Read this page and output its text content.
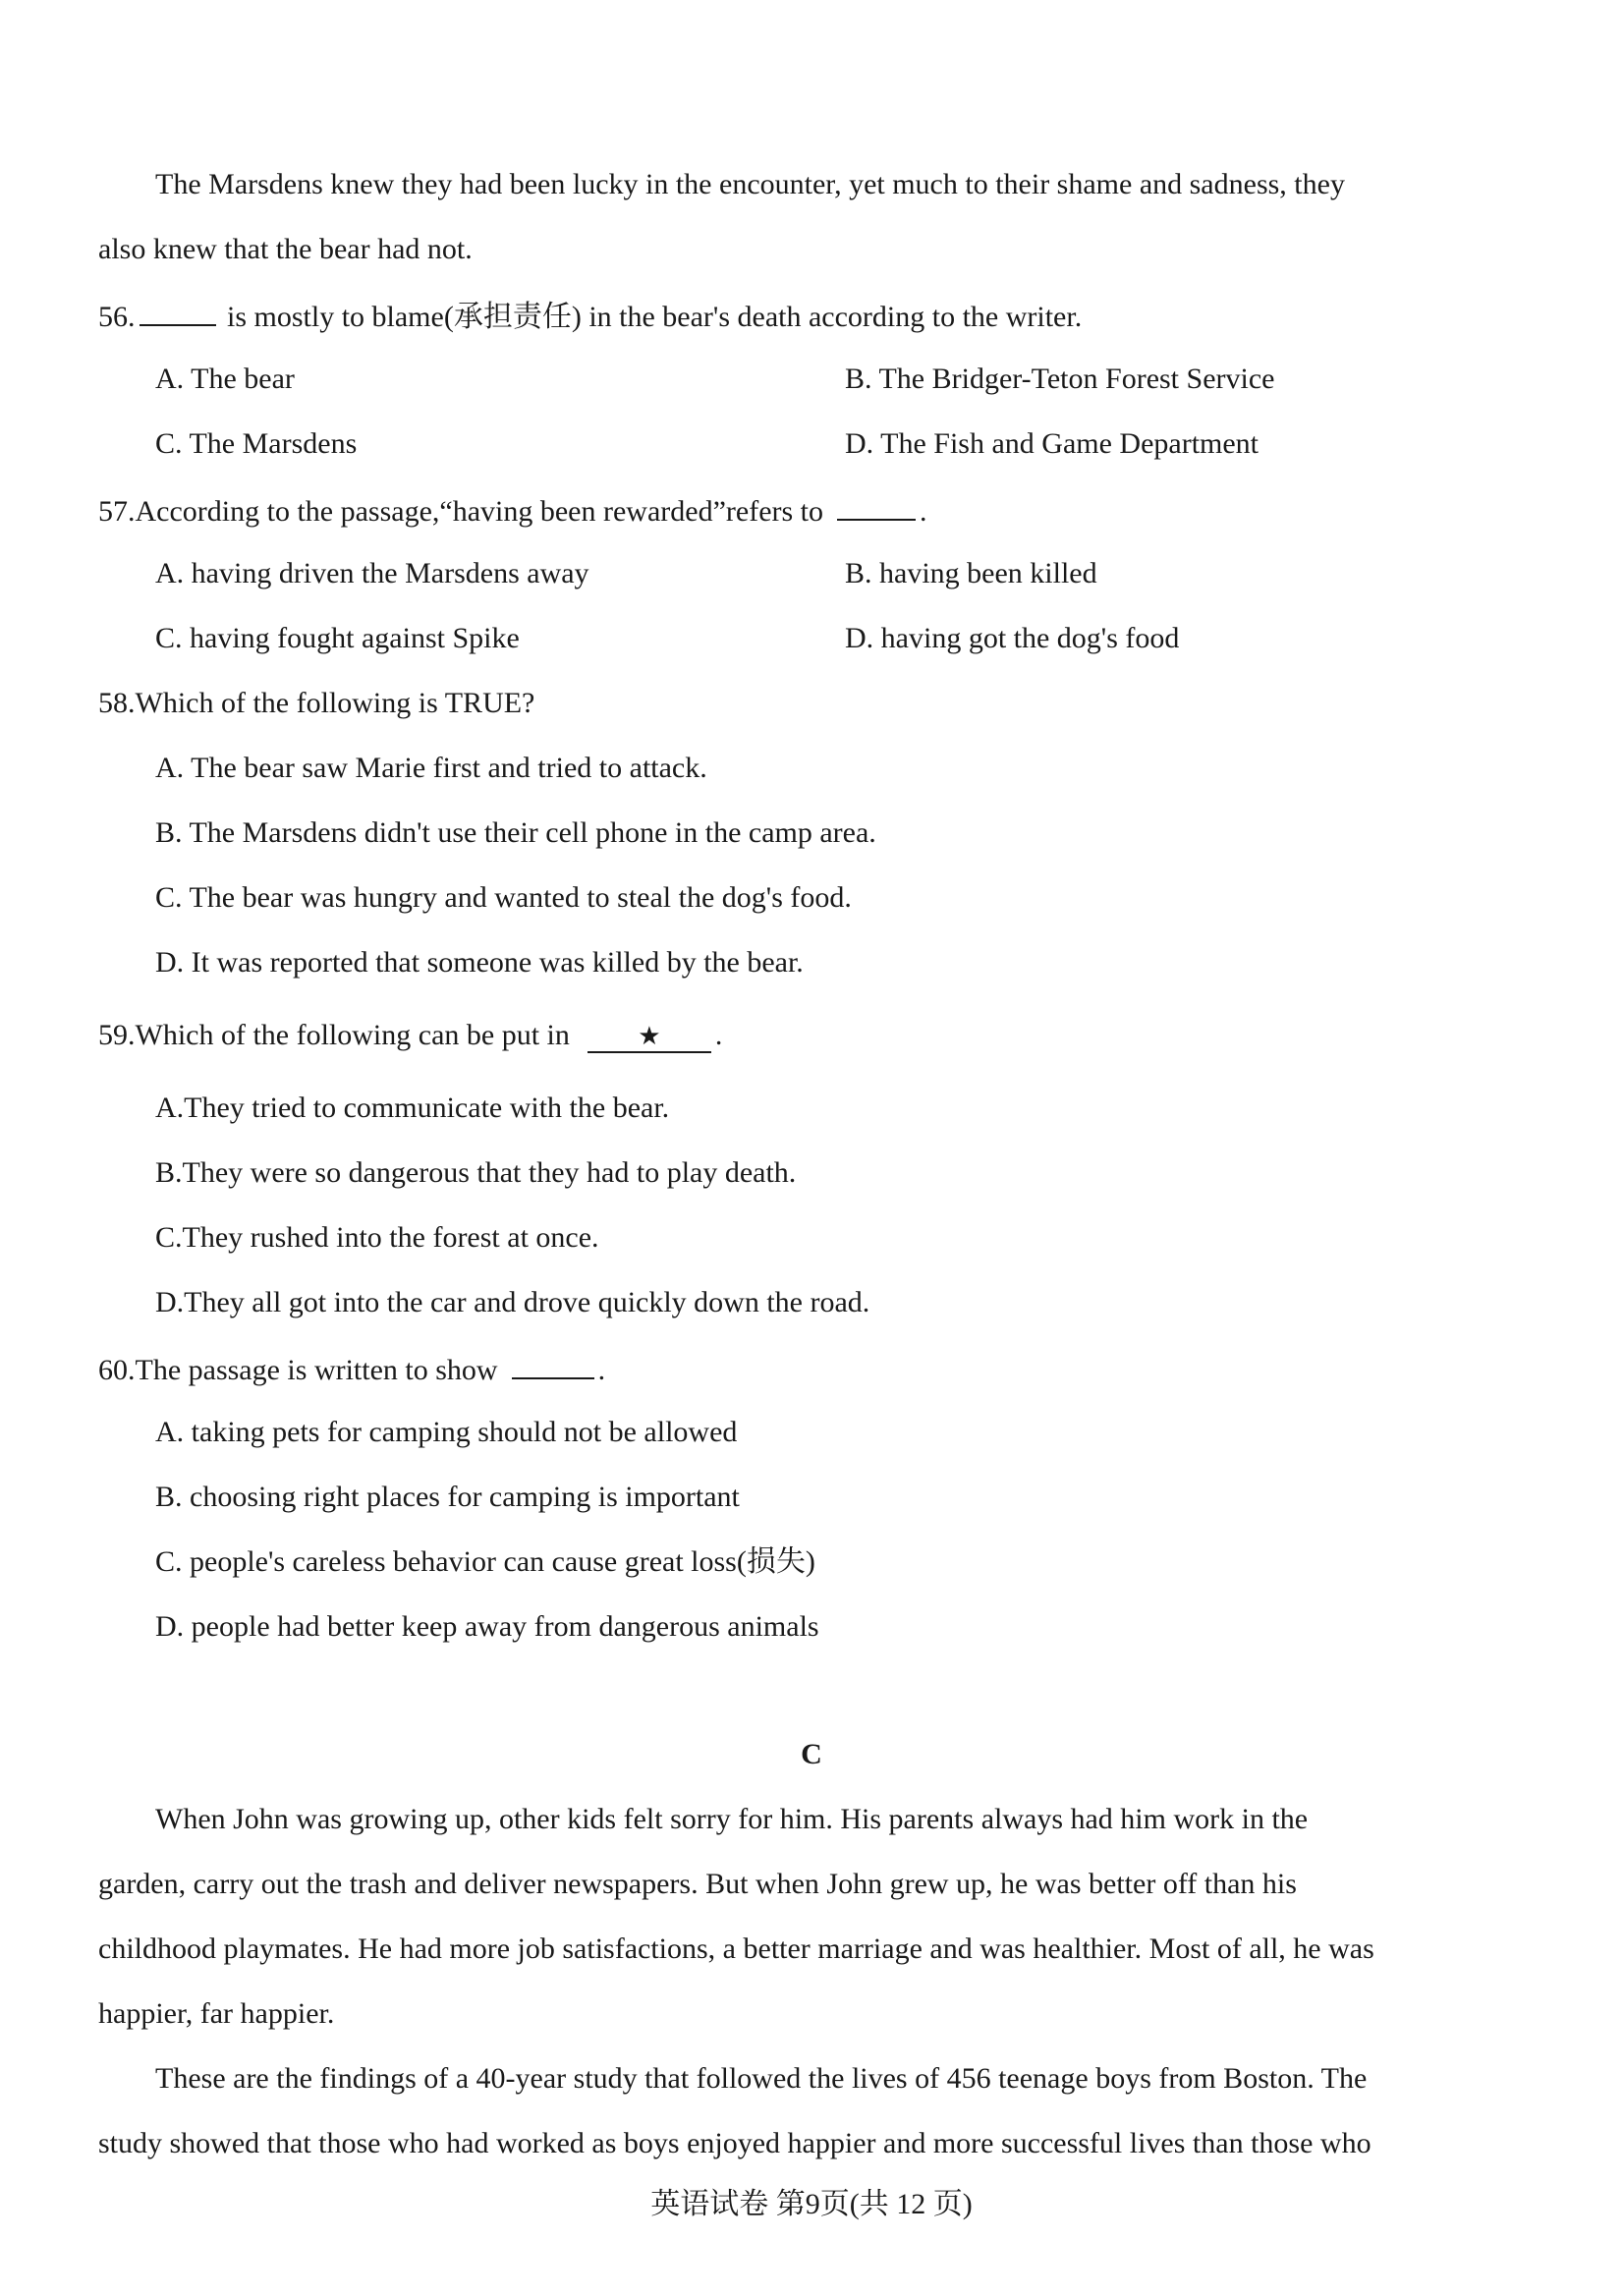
The Marsdens knew they had been lucky in the encounter, yet much to their shame and sadness, they
also knew that the bear had not.
56.	is mostly to blame(承担责任) in the bear's death according to the writer.
A. The bear	B. The Bridger-Teton Forest Service
C. The Marsdens	D. The Fish and Game Department
57.According to the passage,“having been rewarded”refers to	.
A. having driven the Marsdens away	B. having been killed
C. having fought against Spike	D. having got the dog's food
58.Which of the following is TRUE?
A. The bear saw Marie first and tried to attack.
B. The Marsdens didn't use their cell phone in the camp area.
C. The bear was hungry and wanted to steal the dog's food.
D. It was reported that someone was killed by the bear.
59.Which of the following can be put in	★ .
A.They tried to communicate with the bear.
B.They were so dangerous that they had to play death.
C.They rushed into the forest at once.
D.They all got into the car and drove quickly down the road.
60.The passage is written to show	.
A. taking pets for camping should not be allowed
B. choosing right places for camping is important
C. people's careless behavior can cause great loss(损失)
D. people had better keep away from dangerous animals
C
When John was growing up, other kids felt sorry for him. His parents always had him work in the
garden, carry out the trash and deliver newspapers. But when John grew up, he was better off than his
childhood playmates. He had more job satisfactions, a better marriage and was healthier. Most of all, he was
happier, far happier.
These are the findings of a 40-year study that followed the lives of 456 teenage boys from Boston. The
study showed that those who had worked as boys enjoyed happier and more successful lives than those who
英语试卷 第9页(共 12 页)
